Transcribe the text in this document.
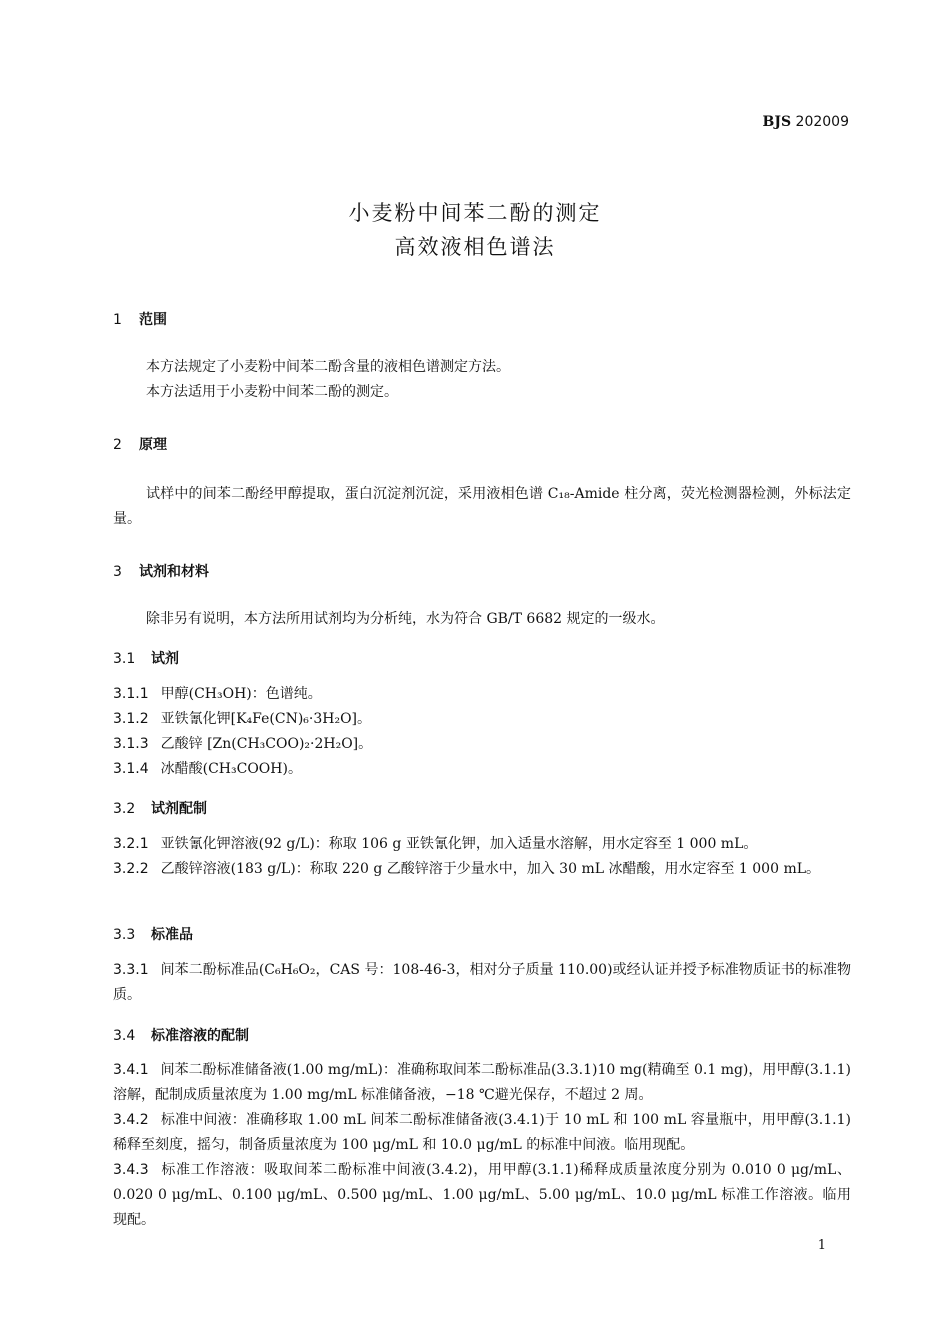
BJS 202009
小麦粉中间苯二酚的测定
高效液相色谱法
1 范围
本方法规定了小麦粉中间苯二酚含量的液相色谱测定方法。
本方法适用于小麦粉中间苯二酚的测定。
2 原理
试样中的间苯二酚经甲醇提取，蛋白沉淀剂沉淀，采用液相色谱 C₁₈-Amide 柱分离，荧光检测器检测，外标法定量。
3 试剂和材料
除非另有说明，本方法所用试剂均为分析纯，水为符合 GB/T 6682 规定的一级水。
3.1 试剂
3.1.1 甲醇(CH₃OH)：色谱纯。
3.1.2 亚铁氰化钾[K₄Fe(CN)₆·3H₂O]。
3.1.3 乙酸锌 [Zn(CH₃COO)₂·2H₂O]。
3.1.4 冰醋酸(CH₃COOH)。
3.2 试剂配制
3.2.1 亚铁氰化钾溶液(92 g/L)：称取 106 g 亚铁氰化钾，加入适量水溶解，用水定容至 1 000 mL。
3.2.2 乙酸锌溶液(183 g/L)：称取 220 g 乙酸锌溶于少量水中，加入 30 mL 冰醋酸，用水定容至 1 000 mL。
3.3 标准品
3.3.1 间苯二酚标准品(C₆H₆O₂，CAS 号：108-46-3，相对分子质量 110.00)或经认证并授予标准物质证书的标准物质。
3.4 标准溶液的配制
3.4.1 间苯二酚标准储备液(1.00 mg/mL)：准确称取间苯二酚标准品(3.3.1)10 mg(精确至 0.1 mg)，用甲醇(3.1.1)溶解，配制成质量浓度为 1.00 mg/mL 标准储备液，−18 ℃避光保存，不超过 2 周。
3.4.2 标准中间液：准确移取 1.00 mL 间苯二酚标准储备液(3.4.1)于 10 mL 和 100 mL 容量瓶中，用甲醇(3.1.1)稀释至刻度，摇匀，制备质量浓度为 100 μg/mL 和 10.0 μg/mL 的标准中间液。临用现配。
3.4.3 标准工作溶液：吸取间苯二酚标准中间液(3.4.2)，用甲醇(3.1.1)稀释成质量浓度分别为 0.010 0 μg/mL、0.020 0 μg/mL、0.100 μg/mL、0.500 μg/mL、1.00 μg/mL、5.00 μg/mL、10.0 μg/mL 标准工作溶液。临用现配。
1
